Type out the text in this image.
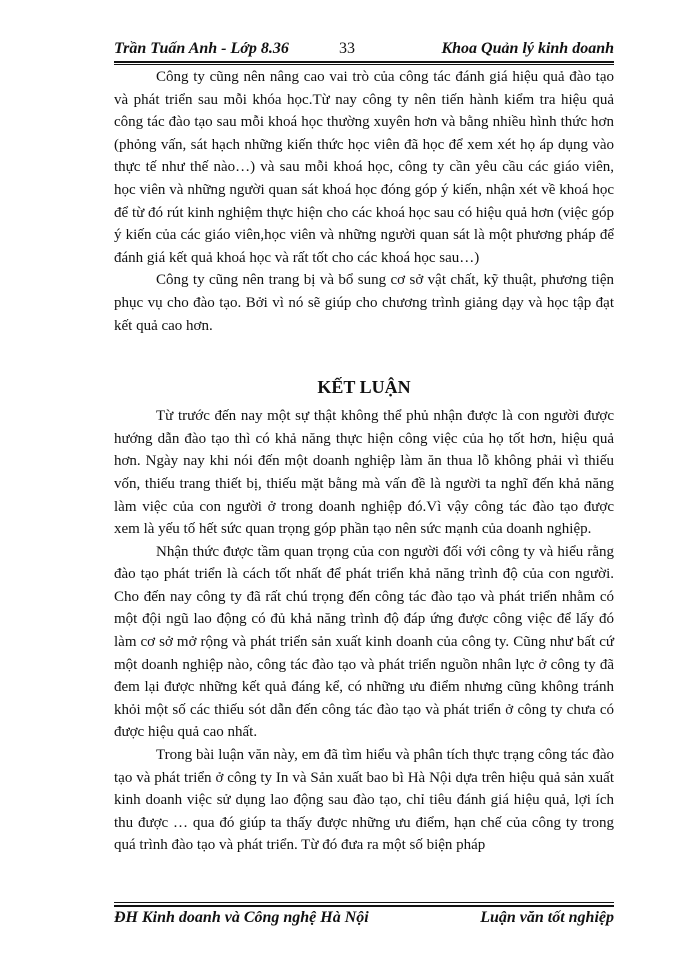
Trần Tuấn Anh - Lớp 8.36	33	Khoa Quản lý kinh doanh

Công ty cũng nên nâng cao vai trò của công tác đánh giá hiệu quả đào tạo và phát triển sau mỗi khóa học.Từ nay công ty nên tiến hành kiểm tra hiệu quả công tác đào tạo sau mỗi khoá học thường xuyên hơn và bằng nhiều hình thức hơn (phỏng vấn, sát hạch những kiến thức học viên đã học để xem xét họ áp dụng vào thực tế như thế nào…) và sau mỗi khoá học, công ty cần yêu cầu các giáo viên, học viên và những người quan sát khoá học đóng góp ý kiến, nhận xét về khoá học để từ đó rút kinh nghiệm thực hiện cho các khoá học sau có hiệu quả hơn (việc góp ý kiến của các giáo viên,học viên và những người quan sát là một phương pháp để đánh giá kết quả khoá học và rất tốt cho các khoá học sau…)

Công ty cũng nên trang bị và bổ sung cơ sở vật chất, kỹ thuật, phương tiện phục vụ cho đào tạo. Bởi vì nó sẽ giúp cho chương trình giảng dạy và học tập đạt kết quả cao hơn.

KẾT LUẬN

Từ trước đến nay một sự thật không thể phủ nhận được là con người được hướng dẫn đào tạo thì có khả năng thực hiện công việc của họ tốt hơn, hiệu quả hơn. Ngày nay khi nói đến một doanh nghiệp làm ăn thua lỗ không phải vì thiếu vốn, thiếu trang thiết bị, thiếu mặt bằng mà vấn đề là người ta nghĩ đến khả năng làm việc của con người ở trong doanh nghiệp đó.Vì vậy công tác đào tạo được xem là yếu tố hết sức quan trọng góp phần tạo nên sức mạnh của doanh nghiệp.

Nhận thức được tầm quan trọng của con người đối với công ty và hiểu rằng đào tạo phát triển là cách tốt nhất để phát triển khả năng trình độ của con người. Cho đến nay công ty đã rất chú trọng đến công tác đào tạo và phát triển nhằm có một đội ngũ lao động có đủ khả năng trình độ đáp ứng được công việc để lấy đó làm cơ sở mở rộng và phát triển sản xuất kinh doanh của công ty. Cũng như bất cứ một doanh nghiệp nào, công tác đào tạo và phát triển nguồn nhân lực ở công ty đã đem lại được những kết quả đáng kể, có những ưu điểm nhưng cũng không tránh khỏi một số các thiếu sót dẫn đến công tác đào tạo và phát triển ở công ty chưa có được hiệu quả cao nhất.

Trong bài luận văn này, em đã tìm hiểu và phân tích thực trạng công tác đào tạo và phát triển ở công ty In và Sản xuất bao bì Hà Nội dựa trên hiệu quả sản xuất kinh doanh việc sử dụng lao động sau đào tạo, chỉ tiêu đánh giá hiệu quả, lợi ích thu được … qua đó giúp ta thấy được những ưu điểm, hạn chế của công ty trong quá trình đào tạo và phát triển. Từ đó đưa ra một số biện pháp

ĐH Kinh doanh và Công nghệ Hà Nội	Luận văn tốt nghiệp
